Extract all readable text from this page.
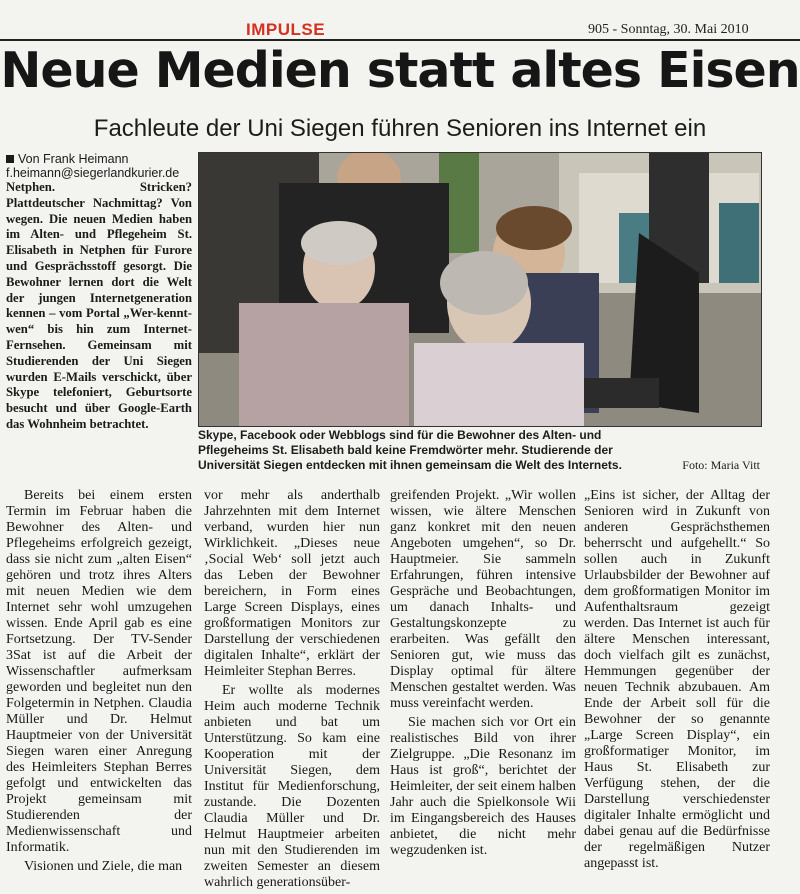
IMPULSE	905 - Sonntag, 30. Mai 2010
Neue Medien statt altes Eisen
Fachleute der Uni Siegen führen Senioren ins Internet ein
Von Frank Heimann
f.heimann@siegerlandkurier.de
Netphen. Stricken? Plattdeutscher Nachmittag? Von wegen. Die neuen Medien haben im Alten- und Pflegeheim St. Elisabeth in Netphen für Furore und Gesprächsstoff gesorgt. Die Bewohner lernen dort die Welt der jungen Internetgeneration kennen – vom Portal „Wer-kennt-wen“ bis hin zum Internet-Fernsehen. Gemeinsam mit Studierenden der Uni Siegen wurden E-Mails verschickt, über Skype telefoniert, Geburtsorte besucht und über Google-Earth das Wohnheim betrachtet.
Skype, Facebook oder Webblogs sind für die Bewohner des Alten- und Pflegeheims St. Elisabeth bald keine Fremdwörter mehr. Studierende der Universität Siegen entdecken mit ihnen gemeinsam die Welt des Internets.	Foto: Maria Vitt

Bereits bei einem ersten Termin im Februar haben die Bewohner des Alten- und Pflegeheims erfolgreich gezeigt, dass sie nicht zum „alten Eisen“ gehören und trotz ihres Alters mit neuen Medien wie dem Internet sehr wohl umzugehen wissen. Ende April gab es eine Fortsetzung. Der TV-Sender 3Sat ist auf die Arbeit der Wissenschaftler aufmerksam geworden und begleitet nun den Folgetermin in Netphen. Claudia Müller und Dr. Helmut Hauptmeier von der Universität Siegen waren einer Anregung des Heimleiters Stephan Berres gefolgt und entwickelten das Projekt gemeinsam mit Studierenden der Medienwissenschaft und Informatik.

Visionen und Ziele, die man

vor mehr als anderthalb Jahrzehnten mit dem Internet verband, wurden hier nun Wirklichkeit. „Dieses neue ‚Social Web‘ soll jetzt auch das Leben der Bewohner bereichern, in Form eines Large Screen Displays, eines großformatigen Monitors zur Darstellung der verschiedenen digitalen Inhalte“, erklärt der Heimleiter Stephan Berres.

Er wollte als modernes Heim auch moderne Technik anbieten und bat um Unterstützung. So kam eine Kooperation mit der Universität Siegen, dem Institut für Medienforschung, zustande. Die Dozenten Claudia Müller und Dr. Helmut Hauptmeier arbeiten nun mit den Studierenden im zweiten Semester an diesem wahrlich generationsüber-

greifenden Projekt. „Wir wollen wissen, wie ältere Menschen ganz konkret mit den neuen Angeboten umgehen“, so Dr. Hauptmeier. Sie sammeln Erfahrungen, führen intensive Gespräche und Beobachtungen, um danach Inhalts- und Gestaltungskonzepte zu erarbeiten. Was gefällt den Senioren gut, wie muss das Display optimal für ältere Menschen gestaltet werden. Was muss vereinfacht werden.

Sie machen sich vor Ort ein realistisches Bild von ihrer Zielgruppe. „Die Resonanz im Haus ist groß“, berichtet der Heimleiter, der seit einem halben Jahr auch die Spielkonsole Wii im Eingangsbereich des Hauses anbietet, die nicht mehr wegzudenken ist.

„Eins ist sicher, der Alltag der Senioren wird in Zukunft von anderen Gesprächsthemen beherrscht und aufgehellt.“ So sollen auch in Zukunft Urlaubsbilder der Bewohner auf dem großformatigen Monitor im Aufenthaltsraum gezeigt werden. Das Internet ist auch für ältere Menschen interessant, doch vielfach gilt es zunächst, Hemmungen gegenüber der neuen Technik abzubauen. Am Ende der Arbeit soll für die Bewohner der so genannte „Large Screen Display“, ein großformatiger Monitor, im Haus St. Elisabeth zur Verfügung stehen, der die Darstellung verschiedenster digitaler Inhalte ermöglicht und dabei genau auf die Bedürfnisse der regelmäßigen Nutzer angepasst ist.
